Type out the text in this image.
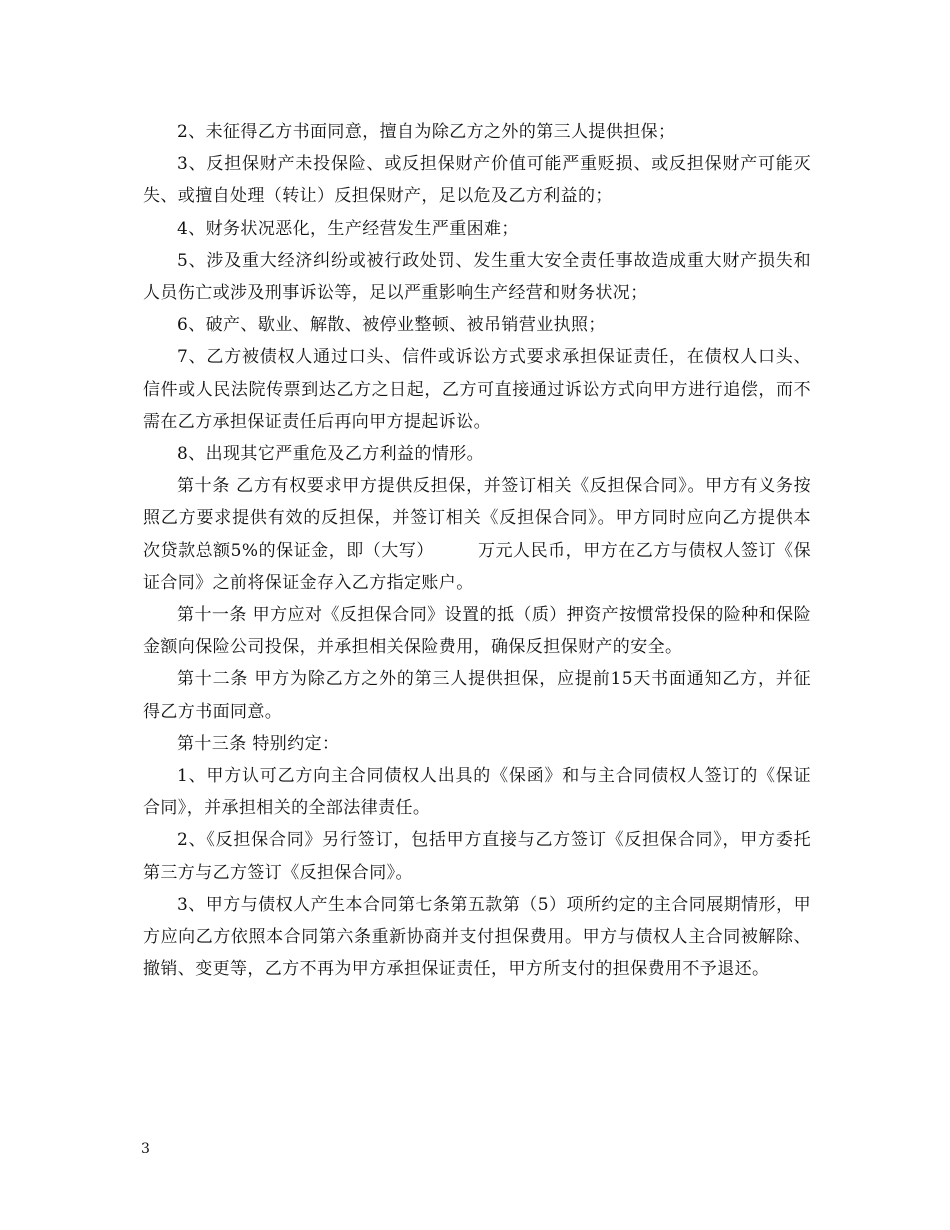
2、未征得乙方书面同意，擅自为除乙方之外的第三人提供担保；

3、反担保财产未投保险、或反担保财产价值可能严重贬损、或反担保财产可能灭失、或擅自处理（转让）反担保财产，足以危及乙方利益的；

4、财务状况恶化，生产经营发生严重困难；

5、涉及重大经济纠纷或被行政处罚、发生重大安全责任事故造成重大财产损失和人员伤亡或涉及刑事诉讼等，足以严重影响生产经营和财务状况；

6、破产、歇业、解散、被停业整顿、被吊销营业执照；

7、乙方被债权人通过口头、信件或诉讼方式要求承担保证责任，在债权人口头、信件或人民法院传票到达乙方之日起，乙方可直接通过诉讼方式向甲方进行追偿，而不需在乙方承担保证责任后再向甲方提起诉讼。

8、出现其它严重危及乙方利益的情形。

第十条 乙方有权要求甲方提供反担保，并签订相关《反担保合同》。甲方有义务按照乙方要求提供有效的反担保，并签订相关《反担保合同》。甲方同时应向乙方提供本次贷款总额5%的保证金，即（大写）　　　万元人民币，甲方在乙方与债权人签订《保证合同》之前将保证金存入乙方指定账户。

第十一条 甲方应对《反担保合同》设置的抵（质）押资产按惯常投保的险种和保险金额向保险公司投保，并承担相关保险费用，确保反担保财产的安全。

第十二条 甲方为除乙方之外的第三人提供担保，应提前15天书面通知乙方，并征得乙方书面同意。

第十三条 特别约定：

1、甲方认可乙方向主合同债权人出具的《保函》和与主合同债权人签订的《保证合同》，并承担相关的全部法律责任。

2、《反担保合同》另行签订，包括甲方直接与乙方签订《反担保合同》，甲方委托第三方与乙方签订《反担保合同》。

3、甲方与债权人产生本合同第七条第五款第（5）项所约定的主合同展期情形，甲方应向乙方依照本合同第六条重新协商并支付担保费用。甲方与债权人主合同被解除、撤销、变更等，乙方不再为甲方承担保证责任，甲方所支付的担保费用不予退还。

3
